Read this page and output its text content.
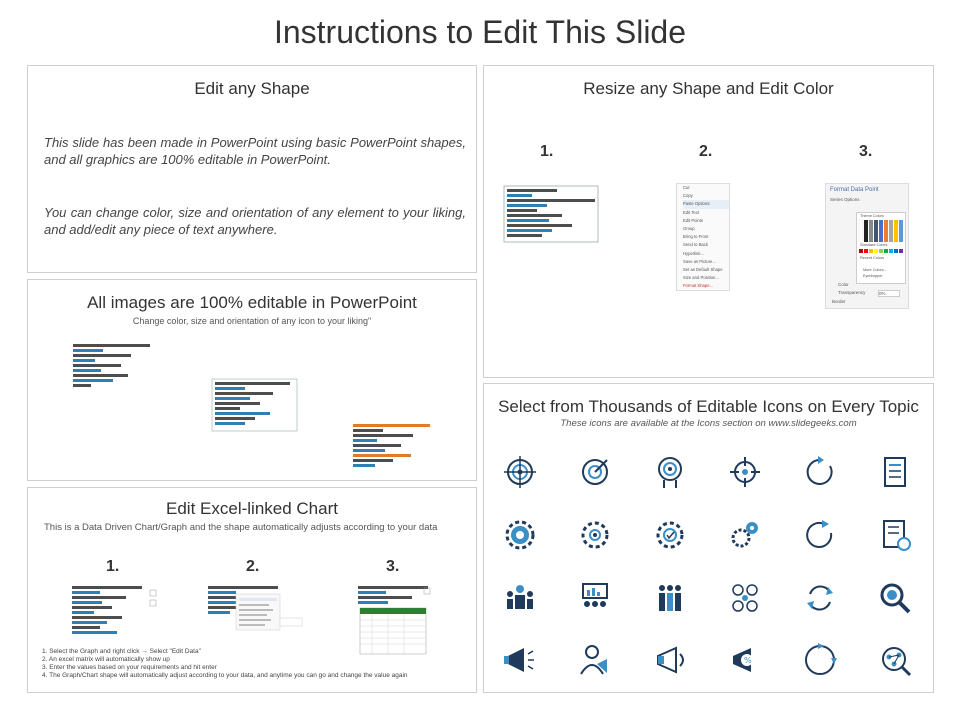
Instructions to Edit This Slide
Edit any Shape
This slide has been made in PowerPoint using basic PowerPoint shapes, and all graphics are 100% editable in PowerPoint.
You can change color, size and orientation of any element to your liking, and add/edit any piece of text anywhere.
Resize any Shape and Edit Color
1.	2.	3.
Cut
Copy
Paste Options:
Edit Text
Edit Points
Group
Bring to Front
Send to Back
Hyperlink...
Save as Picture...
Set as Default Shape
Size and Position...
Format Shape...
Format Data Point
Series Options
Theme Colors
Standard Colors
Recent Colors
More Colors...
Eyedropper
Color
Transparency	0%
Border
All images are 100% editable in PowerPoint
Change color, size and orientation of any icon to your liking"
Edit Excel-linked Chart
This is a Data Driven Chart/Graph and the shape automatically adjusts according to your data
1.	2.	3.
1. Select the Graph and right click → Select "Edit Data"
2. An excel matrix will automatically show up
3. Enter the values based on your requirements and hit enter
4. The Graph/Chart shape will automatically adjust according to your data, and anytime you can go and change the value again
Select from Thousands of Editable Icons on Every Topic
These icons are available at the Icons section on www.slidegeeks.com
%
